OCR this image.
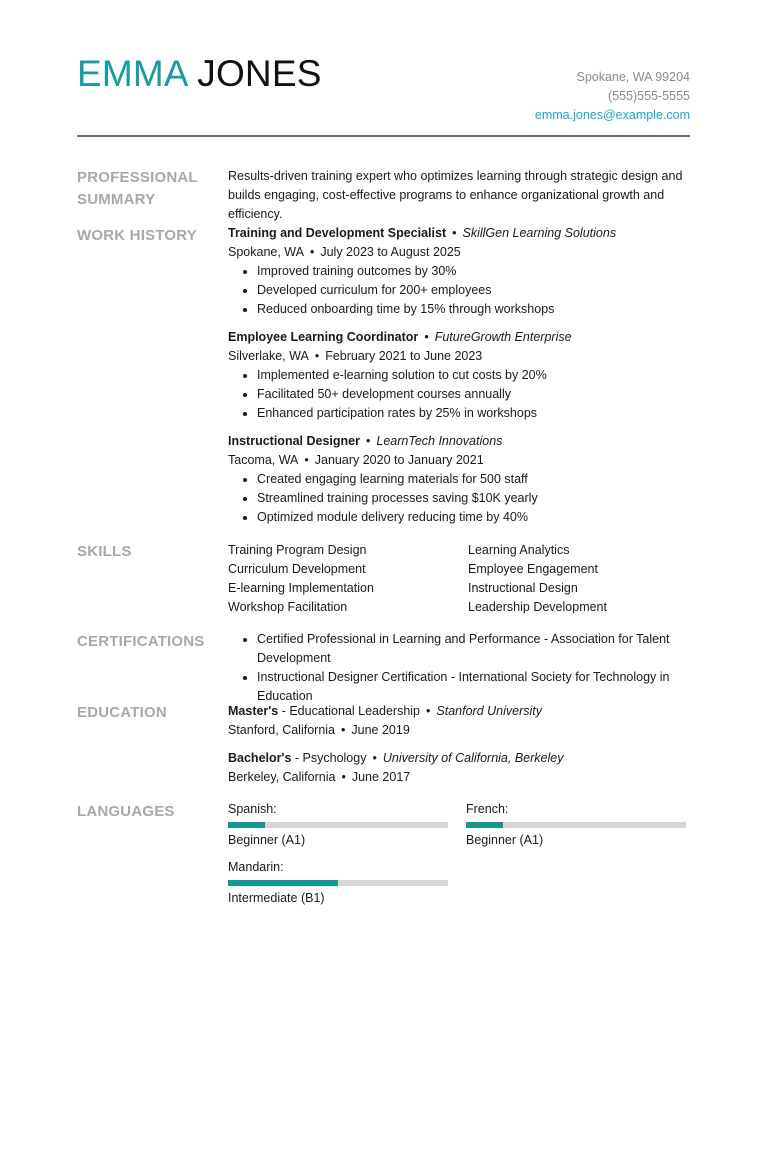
EMMA JONES	Spokane, WA 99204
(555)555-5555
emma.jones@example.com
PROFESSIONAL SUMMARY

Results-driven training expert who optimizes learning through strategic design and builds engaging, cost-effective programs to enhance organizational growth and efficiency.

WORK HISTORY	Training and Development Specialist • SkillGen Learning Solutions
Spokane, WA • July 2023 to August 2025
Improved training outcomes by 30%
Developed curriculum for 200+ employees
Reduced onboarding time by 15% through workshops
Employee Learning Coordinator • FutureGrowth Enterprise
Silverlake, WA • February 2021 to June 2023
Implemented e-learning solution to cut costs by 20%
Facilitated 50+ development courses annually
Enhanced participation rates by 25% in workshops
Instructional Designer • LearnTech Innovations
Tacoma, WA • January 2020 to January 2021
Created engaging learning materials for 500 staff
Streamlined training processes saving $10K yearly
Optimized module delivery reducing time by 40%
SKILLS	Training Program Design	Learning Analytics
Curriculum Development	Employee Engagement
E-learning Implementation	Instructional Design
Workshop Facilitation	Leadership Development
CERTIFICATIONS	Certified Professional in Learning and Performance - Association for Talent Development
Instructional Designer Certification - International Society for Technology in Education
EDUCATION	Master's - Educational Leadership • Stanford University
Stanford, California • June 2019
Bachelor's - Psychology • University of California, Berkeley
Berkeley, California • June 2017
LANGUAGES	Spanish:
Beginner (A1)
French:
Beginner (A1)
Mandarin:
Intermediate (B1)
